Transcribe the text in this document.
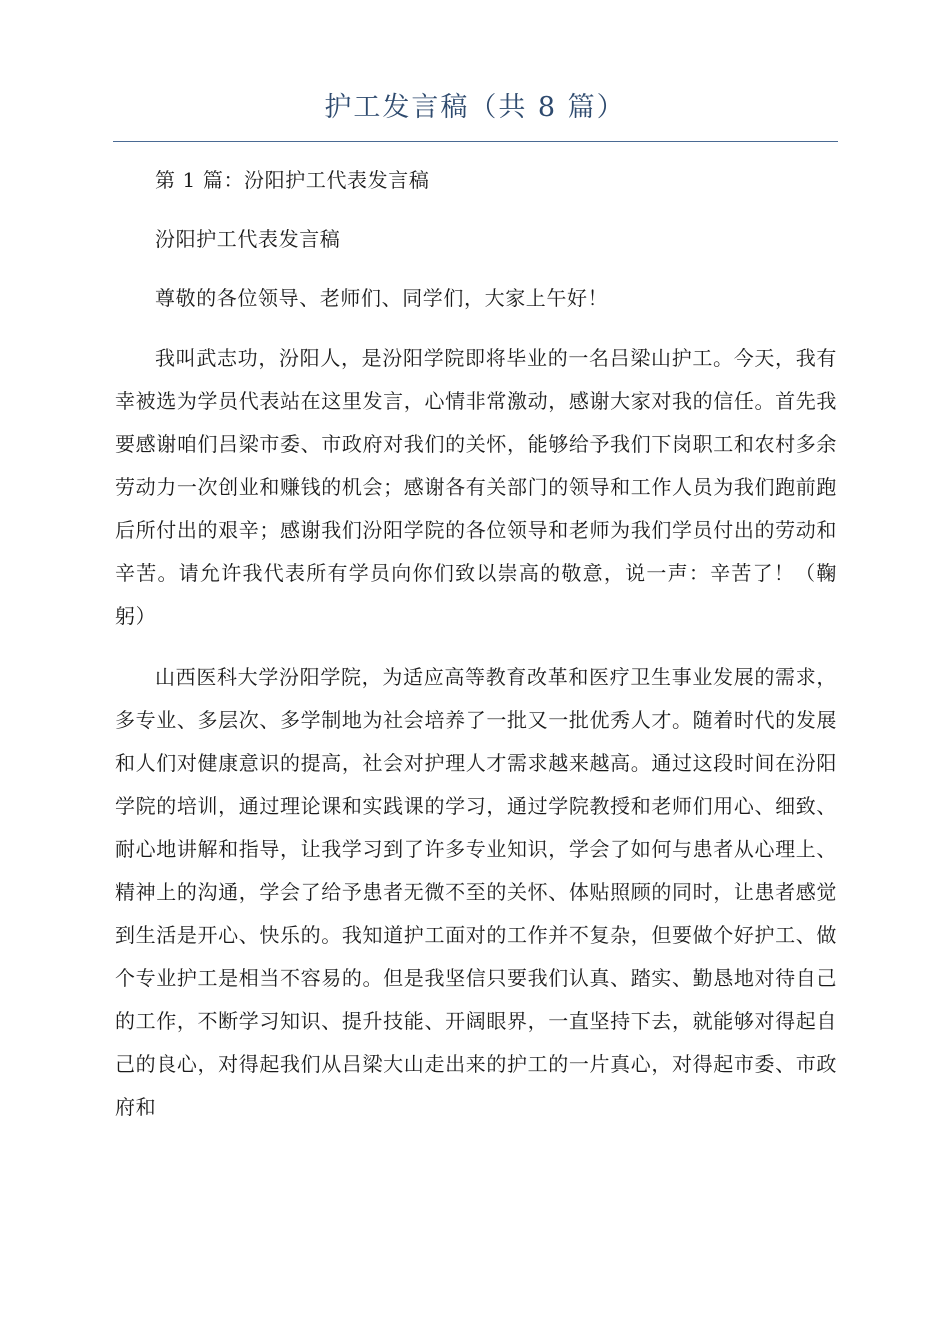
护工发言稿（共 8 篇）

第 1 篇：汾阳护工代表发言稿

汾阳护工代表发言稿

尊敬的各位领导、老师们、同学们，大家上午好！

我叫武志功，汾阳人，是汾阳学院即将毕业的一名吕梁山护工。今天，我有幸被选为学员代表站在这里发言，心情非常激动，感谢大家对我的信任。首先我要感谢咱们吕梁市委、市政府对我们的关怀，能够给予我们下岗职工和农村多余劳动力一次创业和赚钱的机会；感谢各有关部门的领导和工作人员为我们跑前跑后所付出的艰辛；感谢我们汾阳学院的各位领导和老师为我们学员付出的劳动和辛苦。请允许我代表所有学员向你们致以崇高的敬意，说一声：辛苦了！（鞠躬）

山西医科大学汾阳学院，为适应高等教育改革和医疗卫生事业发展的需求，多专业、多层次、多学制地为社会培养了一批又一批优秀人才。随着时代的发展和人们对健康意识的提高，社会对护理人才需求越来越高。通过这段时间在汾阳学院的培训，通过理论课和实践课的学习，通过学院教授和老师们用心、细致、耐心地讲解和指导，让我学习到了许多专业知识，学会了如何与患者从心理上、精神上的沟通，学会了给予患者无微不至的关怀、体贴照顾的同时，让患者感觉到生活是开心、快乐的。我知道护工面对的工作并不复杂，但要做个好护工、做个专业护工是相当不容易的。但是我坚信只要我们认真、踏实、勤恳地对待自己的工作，不断学习知识、提升技能、开阔眼界，一直坚持下去，就能够对得起自己的良心，对得起我们从吕梁大山走出来的护工的一片真心，对得起市委、市政府和
